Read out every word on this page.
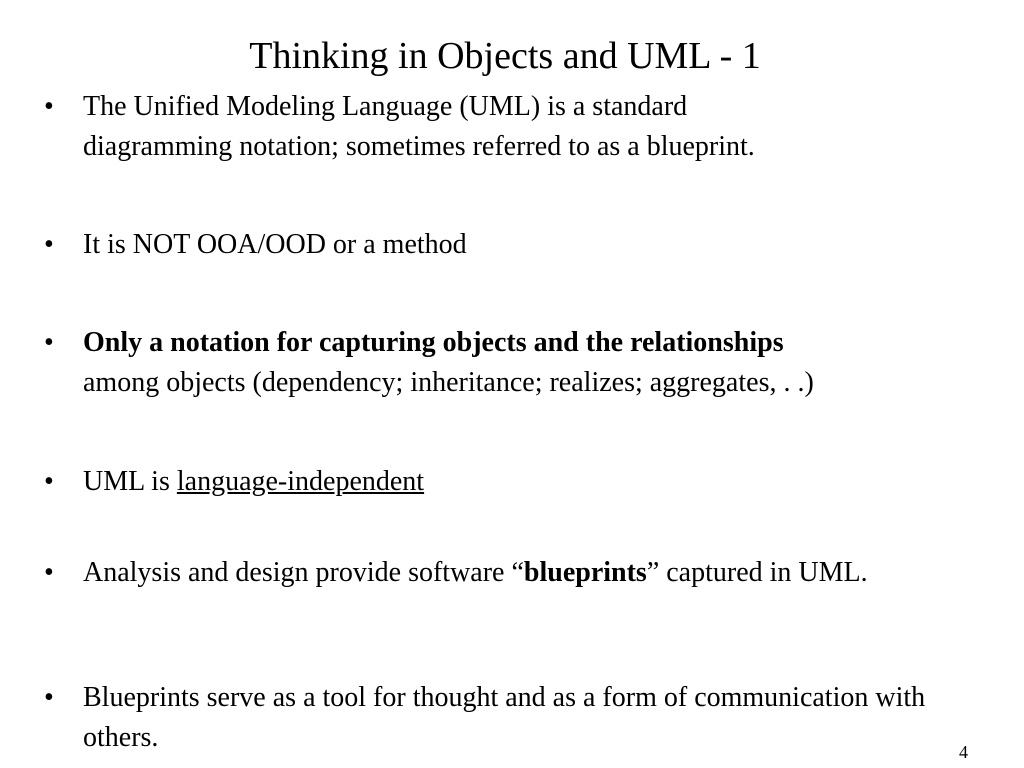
Thinking in Objects and UML - 1
• The Unified Modeling Language (UML) is a standard
diagramming notation; sometimes referred to as a blueprint.
• It is NOT OOA/OOD or a method
• Only a notation for capturing objects and the relationships
among objects (dependency; inheritance; realizes; aggregates, . .)
• UML is language-independent
• Analysis and design provide software “blueprints” captured in UML.
• Blueprints serve as a tool for thought and as a form of communication with others.	4
